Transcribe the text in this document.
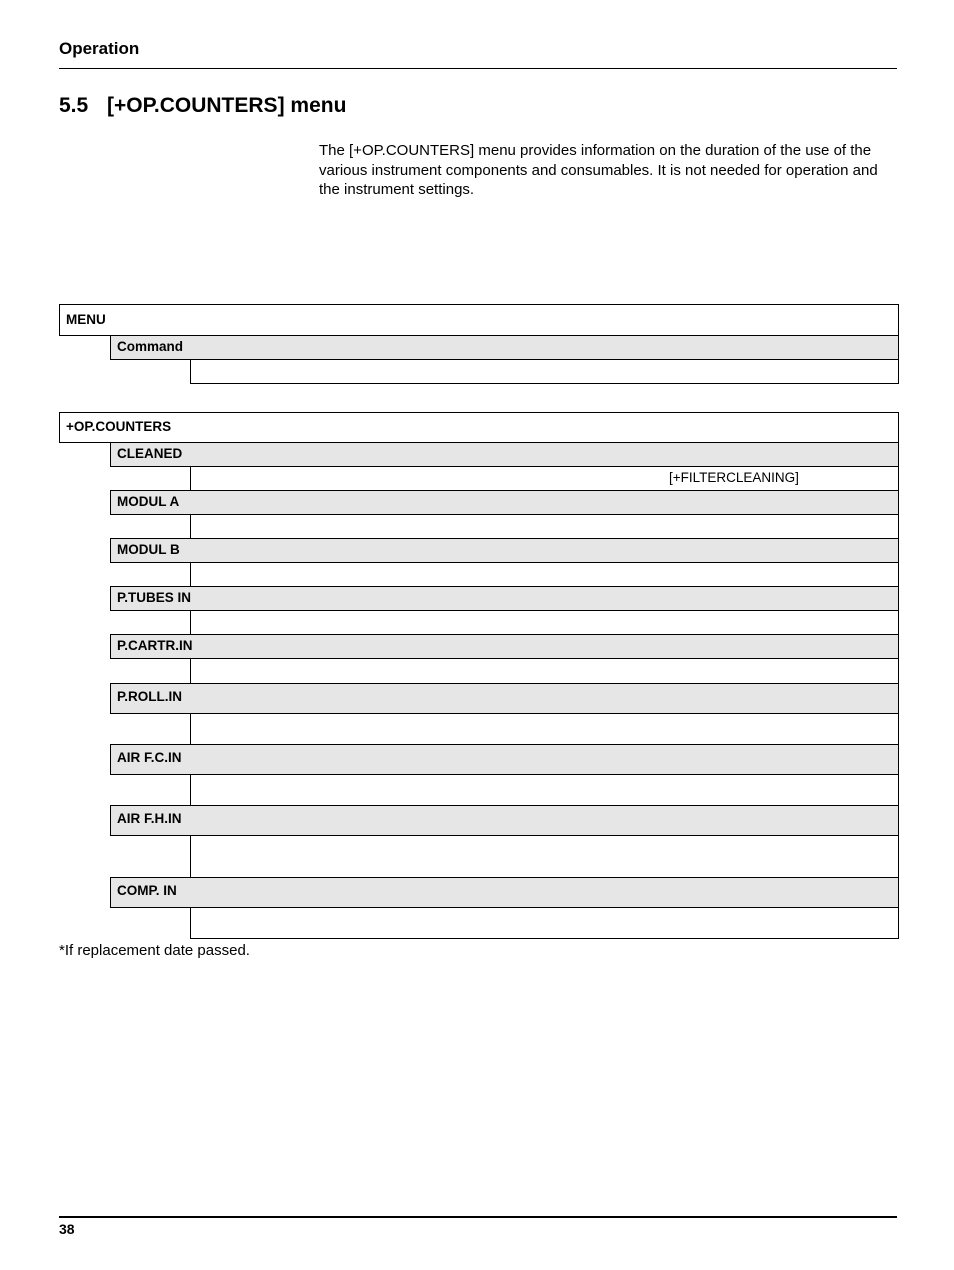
Operation
5.5 [+OP.COUNTERS] menu
The [+OP.COUNTERS] menu provides information on the duration of the use of the various instrument components and consumables. It is not needed for operation and the instrument settings.
MENU
Command
+OP.COUNTERS
CLEANED
[+FILTERCLEANING]
MODUL A
MODUL B
P.TUBES IN
P.CARTR.IN
P.ROLL.IN
AIR F.C.IN
AIR F.H.IN
COMP. IN
*If replacement date passed.
38
